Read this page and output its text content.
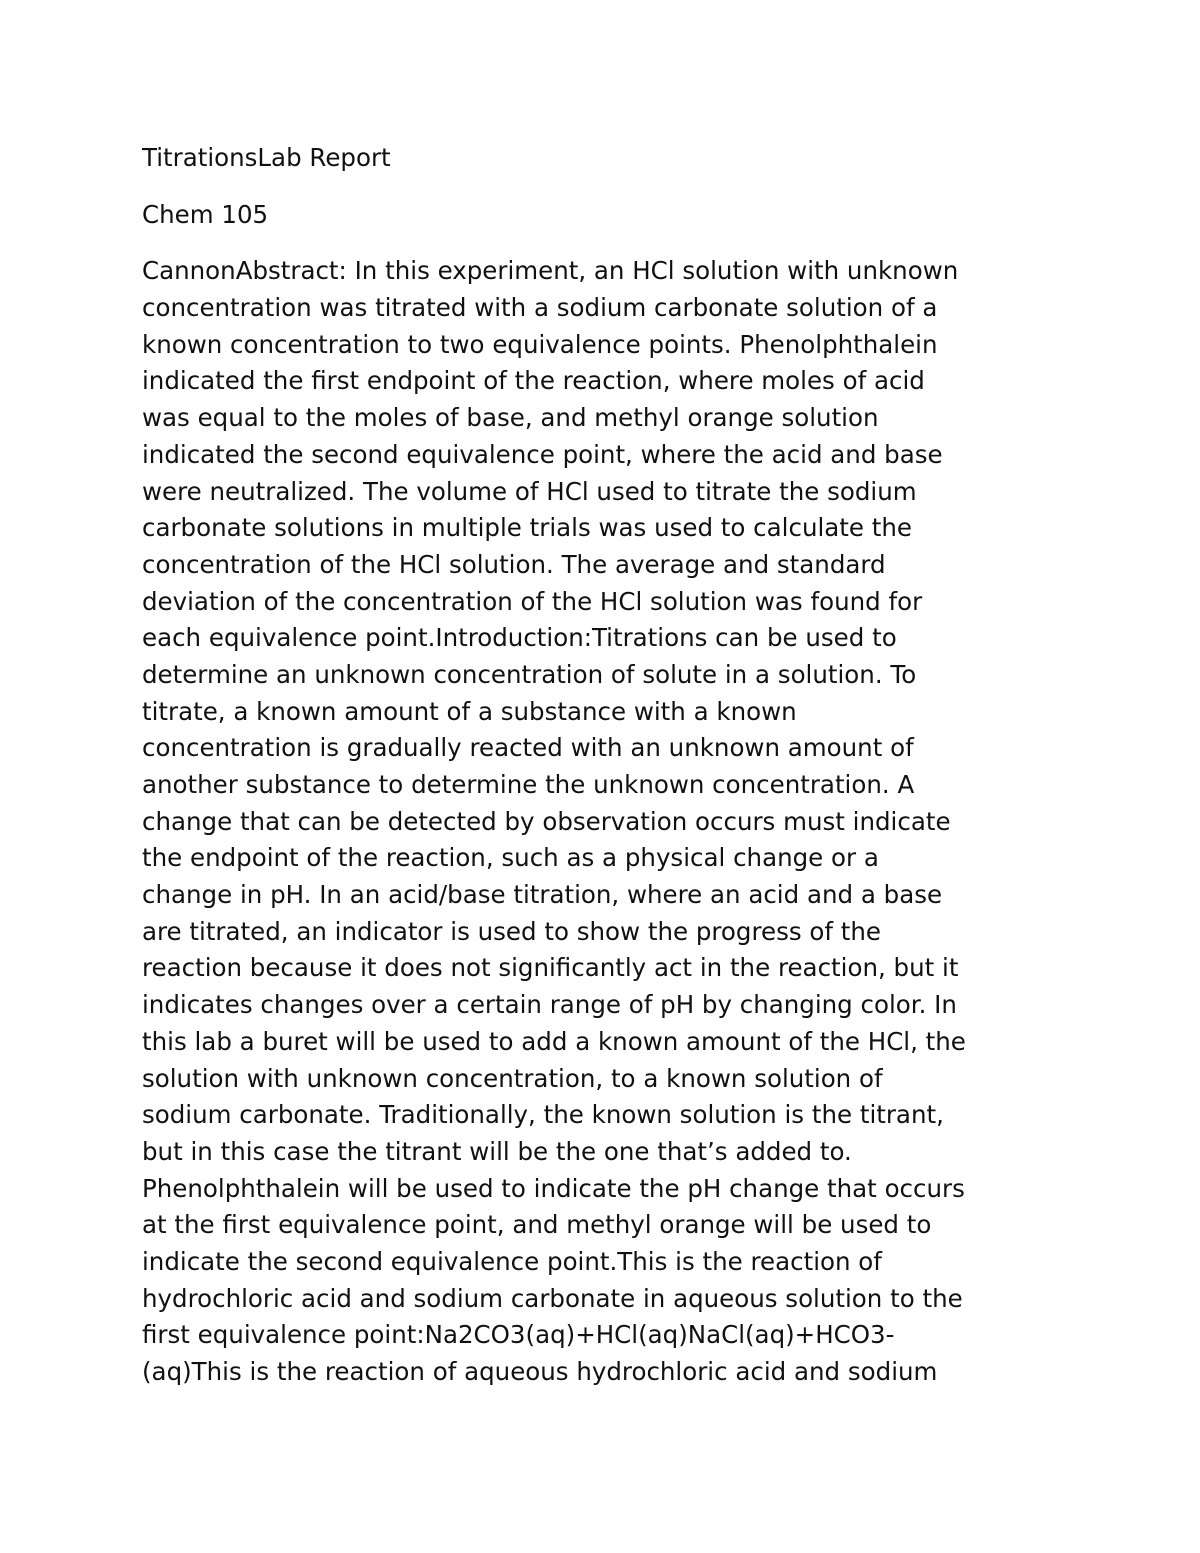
TitrationsLab Report
Chem 105
CannonAbstract: In this experiment, an HCl solution with unknown
concentration was titrated with a sodium carbonate solution of a
known concentration to two equivalence points. Phenolphthalein
indicated the first endpoint of the reaction, where moles of acid
was equal to the moles of base, and methyl orange solution
indicated the second equivalence point, where the acid and base
were neutralized. The volume of HCl used to titrate the sodium
carbonate solutions in multiple trials was used to calculate the
concentration of the HCl solution. The average and standard
deviation of the concentration of the HCl solution was found for
each equivalence point.Introduction:Titrations can be used to
determine an unknown concentration of solute in a solution. To
titrate, a known amount of a substance with a known
concentration is gradually reacted with an unknown amount of
another substance to determine the unknown concentration. A
change that can be detected by observation occurs must indicate
the endpoint of the reaction, such as a physical change or a
change in pH. In an acid/base titration, where an acid and a base
are titrated, an indicator is used to show the progress of the
reaction because it does not significantly act in the reaction, but it
indicates changes over a certain range of pH by changing color. In
this lab a buret will be used to add a known amount of the HCl, the
solution with unknown concentration, to a known solution of
sodium carbonate. Traditionally, the known solution is the titrant,
but in this case the titrant will be the one that’s added to.
Phenolphthalein will be used to indicate the pH change that occurs
at the first equivalence point, and methyl orange will be used to
indicate the second equivalence point.This is the reaction of
hydrochloric acid and sodium carbonate in aqueous solution to the
first equivalence point:Na2CO3(aq)+HCl(aq)NaCl(aq)+HCO3-
(aq)This is the reaction of aqueous hydrochloric acid and sodium
